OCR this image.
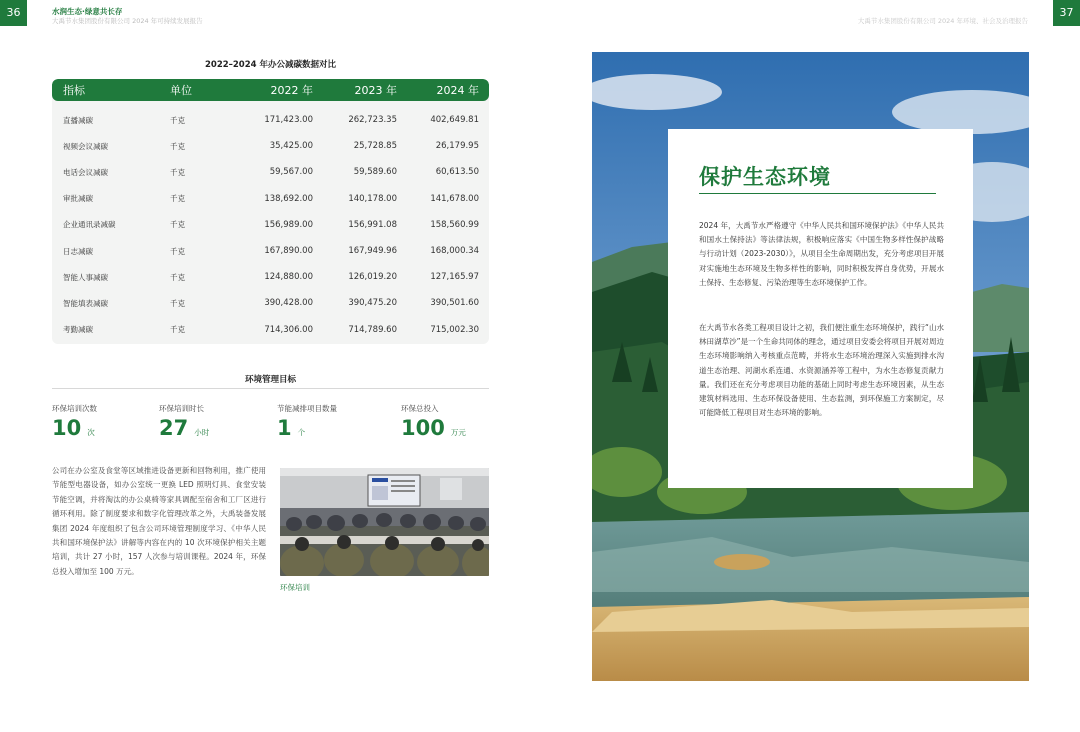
36	37
水润生态·绿意共长存
大禹节水集团股份有限公司 2024 年可持续发展报告	大禹节水集团股份有限公司 2024 年环境、社会及治理报告
2022–2024 年办公减碳数据对比
指标	单位	2022 年	2023 年	2024 年
直播减碳	千克	171,423.00	262,723.35	402,649.81
视频会议减碳	千克	35,425.00	25,728.85	26,179.95
电话会议减碳	千克	59,567.00	59,589.60	60,613.50
审批减碳	千克	138,692.00	140,178.00	141,678.00
企业通讯录减碳	千克	156,989.00	156,991.08	158,560.99
日志减碳	千克	167,890.00	167,949.96	168,000.34
智能人事减碳	千克	124,880.00	126,019.20	127,165.97
智能填表减碳	千克	390,428.00	390,475.20	390,501.60
考勤减碳	千克	714,306.00	714,789.60	715,002.30
环境管理目标
环保培训次数
10 次
环保培训时长
27 小时
节能减排项目数量
1 个
环保总投入
100 万元
公司在办公室及食堂等区域推进设备更新和回物利用，推广使用节能型电器设备，如办公室统一更换 LED 照明灯具、食堂安装节能空调，并将淘汰的办公桌椅等家具调配至宿舍和工厂区进行循环利用。除了制度要求和数字化管理改革之外，大禹装备发展集团 2024 年度组织了包含公司环境管理制度学习、《中华人民共和国环境保护法》讲解等内容在内的 10 次环境保护相关主题培训，共计 27 小时，157 人次参与培训课程。2024 年，环保总投入增加至 100 万元。
环保培训
保护生态环境
2024 年，大禹节水严格遵守《中华人民共和国环境保护法》《中华人民共和国水土保持法》等法律法规，积极响应落实《中国生物多样性保护战略与行动计划（2023-2030）》，从项目全生命周期出发，充分考虑项目开展对实施地生态环境及生物多样性的影响，同时积极发挥自身优势，开展水土保持、生态修复、污染治理等生态环境保护工作。
在大禹节水各类工程项目设计之初，我们便注重生态环境保护，践行“山水林田湖草沙”是一个生命共同体的理念，通过项目安委会将项目开展对周边生态环境影响纳入考核重点范畴，并将水生态环境治理深入实施到排水沟道生态治理、河湖水系连通、水资源涵养等工程中，为水生态修复贡献力量。我们还在充分考虑项目功能的基础上同时考虑生态环境因素，从生态建筑材料选用、生态环保设备使用、生态监测，到环保施工方案制定，尽可能降低工程项目对生态环境的影响。
